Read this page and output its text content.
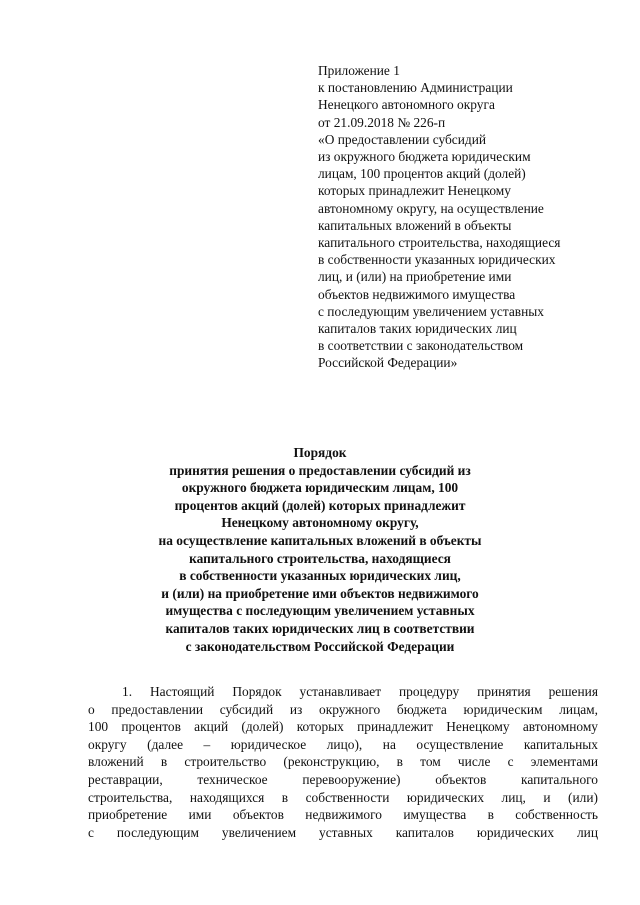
Приложение 1
к постановлению Администрации
Ненецкого автономного округа
от 21.09.2018 № 226-п
«О предоставлении субсидий
из окружного бюджета юридическим
лицам, 100 процентов акций (долей)
которых принадлежит Ненецкому
автономному округу, на осуществление
капитальных вложений в объекты
капитального строительства, находящиеся
в собственности указанных юридических
лиц, и (или) на приобретение ими
объектов недвижимого имущества
с последующим увеличением уставных
капиталов таких юридических лиц
в соответствии с законодательством
Российской Федерации»
Порядок
принятия решения о предоставлении субсидий из
окружного бюджета юридическим лицам, 100
процентов акций (долей) которых принадлежит
Ненецкому автономному округу,
на осуществление капитальных вложений в объекты
капитального строительства, находящиеся
в собственности указанных юридических лиц,
и (или) на приобретение ими объектов недвижимого
имущества с последующим увеличением уставных
капиталов таких юридических лиц в соответствии
с законодательством Российской Федерации
1. Настоящий Порядок устанавливает процедуру принятия решения
о предоставлении субсидий из окружного бюджета юридическим лицам,
100 процентов акций (долей) которых принадлежит Ненецкому автономному
округу (далее – юридическое лицо), на осуществление капитальных
вложений в строительство (реконструкцию, в том числе с элементами
реставрации, техническое перевооружение) объектов капитального
строительства, находящихся в собственности юридических лиц, и (или)
приобретение ими объектов недвижимого имущества в собственность
с последующим увеличением уставных капиталов юридических лиц
